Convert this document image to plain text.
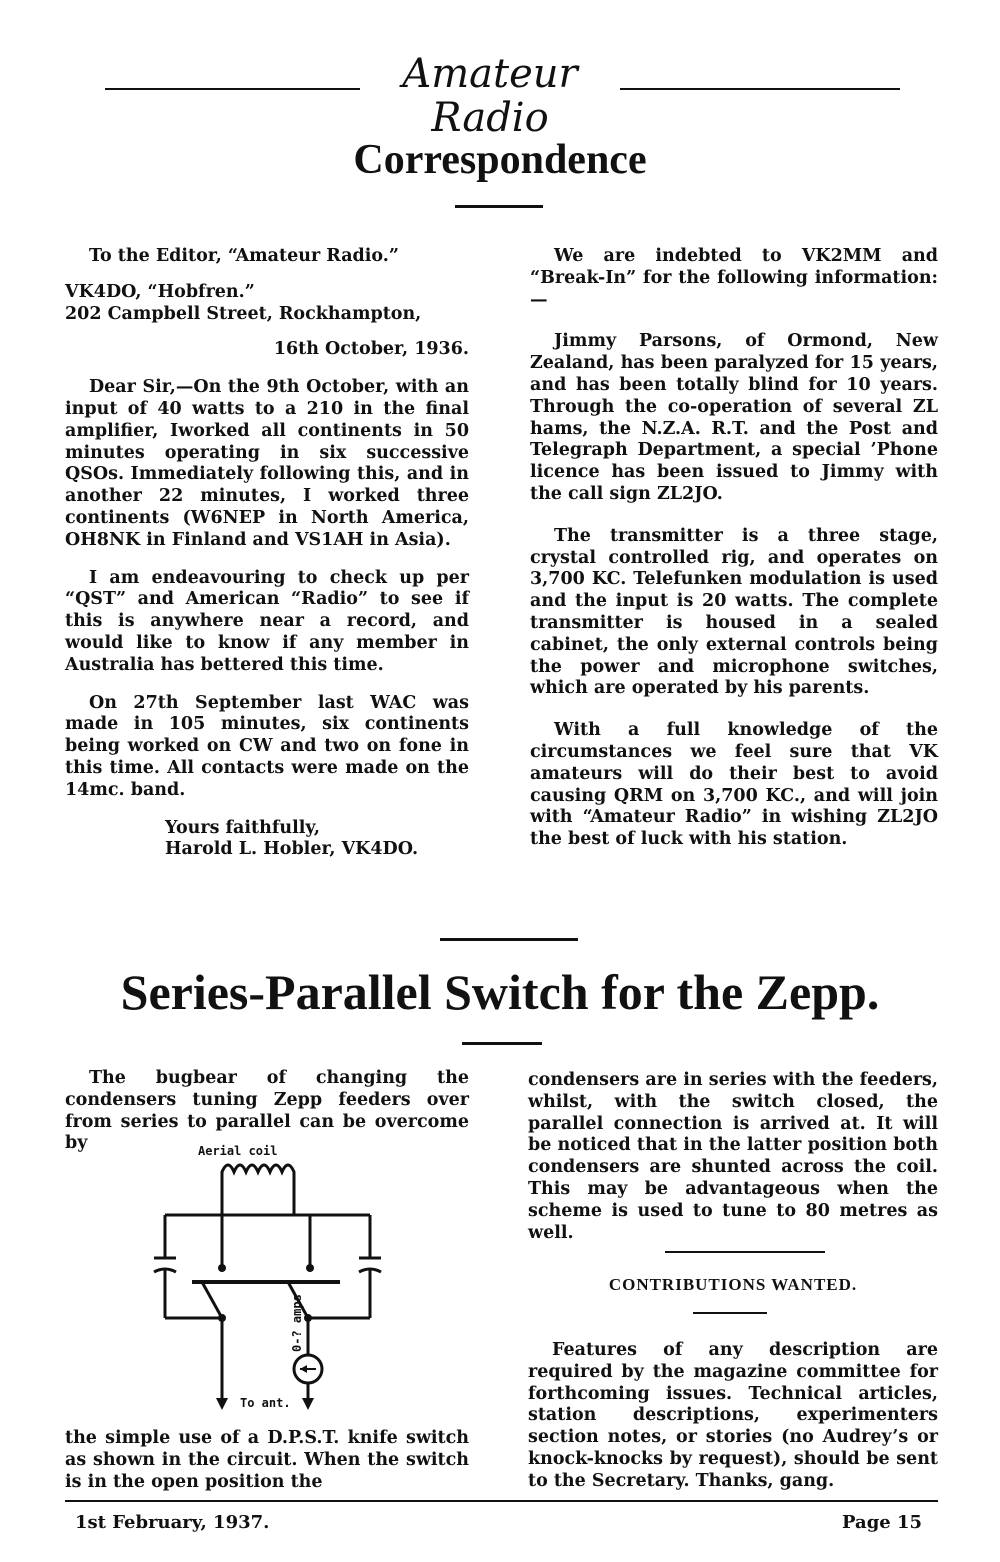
Amateur Radio
Correspondence

To the Editor, “Amateur Radio.”

VK4DO, “Hobfren.”

202 Campbell Street, Rockhampton,

16th October, 1936.

Dear Sir,—On the 9th October, with an input of 40 watts to a 210 in the final amplifier, Iworked all continents in 50 minutes operating in six successive QSOs. Immediately following this, and in another 22 minutes, I worked three continents (W6NEP in North America, OH8NK in Finland and VS1AH in Asia).

I am endeavouring to check up per “QST” and American “Radio” to see if this is anywhere near a record, and would like to know if any member in Australia has bettered this time.

On 27th September last WAC was made in 105 minutes, six continents being worked on CW and two on fone in this time. All contacts were made on the 14mc. band.

Yours faithfully,

Harold L. Hobler, VK4DO.

We are indebted to VK2MM and “Break-In” for the following information:—

Jimmy Parsons, of Ormond, New Zealand, has been paralyzed for 15 years, and has been totally blind for 10 years. Through the co-operation of several ZL hams, the N.Z.A. R.T. and the Post and Telegraph Department, a special ’Phone licence has been issued to Jimmy with the call sign ZL2JO.

The transmitter is a three stage, crystal controlled rig, and operates on 3,700 KC. Telefunken modulation is used and the input is 20 watts. The complete transmitter is housed in a sealed cabinet, the only external controls being the power and microphone switches, which are operated by his parents.

With a full knowledge of the circumstances we feel sure that VK amateurs will do their best to avoid causing QRM on 3,700 KC., and will join with “Amateur Radio” in wishing ZL2JO the best of luck with his station.

Series-Parallel Switch for the Zepp.

The bugbear of changing the condensers tuning Zepp feeders over from series to parallel can be overcome by	Aerial coil
0-? amps
To ant.

the simple use of a D.P.S.T. knife switch as shown in the circuit. When the switch is in the open position the

condensers are in series with the feeders, whilst, with the switch closed, the parallel connection is arrived at. It will be noticed that in the latter position both condensers are shunted across the coil. This may be advantageous when the scheme is used to tune to 80 metres as well.

CONTRIBUTIONS WANTED.

Features of any description are required by the magazine committee for forthcoming issues. Technical articles, station descriptions, experimenters section notes, or stories (no Audrey’s or knock-knocks by request), should be sent to the Secretary. Thanks, gang.

1st February, 1937.	Page 15
